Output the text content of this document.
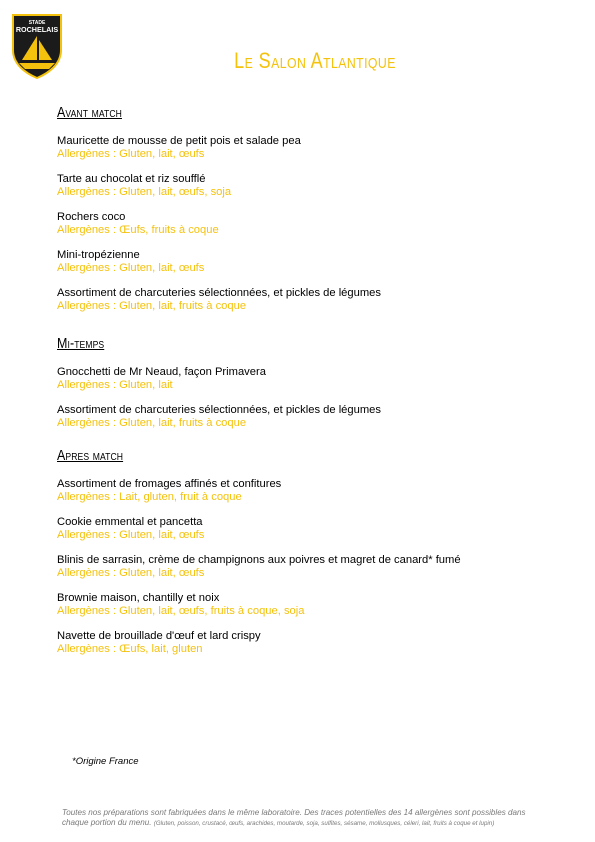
STADE
ROCHELAIS
Le Salon Atlantique
Avant match
Mauricette de mousse de petit pois et salade pea
Allergènes : Gluten, lait, œufs
Tarte au chocolat et riz soufflé
Allergènes : Gluten, lait, œufs, soja
Rochers coco
Allergènes : Œufs, fruits à coque
Mini-tropézienne
Allergènes : Gluten, lait, œufs
Assortiment de charcuteries sélectionnées, et pickles de légumes
Allergènes : Gluten, lait, fruits à coque
Mi-temps
Gnocchetti de Mr Neaud, façon Primavera
Allergènes : Gluten, lait
Assortiment de charcuteries sélectionnées, et pickles de légumes
Allergènes : Gluten, lait, fruits à coque
Apres match
Assortiment de fromages affinés et confitures
Allergènes : Lait, gluten, fruit à coque
Cookie emmental et pancetta
Allergènes : Gluten, lait, œufs
Blinis de sarrasin, crème de champignons aux poivres et magret de canard* fumé
Allergènes : Gluten, lait, œufs
Brownie maison, chantilly et noix
Allergènes : Gluten, lait, œufs, fruits à coque, soja
Navette de brouillade d'œuf et lard crispy
Allergènes : Œufs, lait, gluten
*Origine France
Toutes nos préparations sont fabriquées dans le même laboratoire. Des traces potentielles des 14 allergènes sont possibles dans chaque portion du menu. (Gluten, poisson, crustacé, œufs, arachides, moutarde, soja, sulfites, sésame, mollusques, céleri, lait, fruits à coque et lupin)
